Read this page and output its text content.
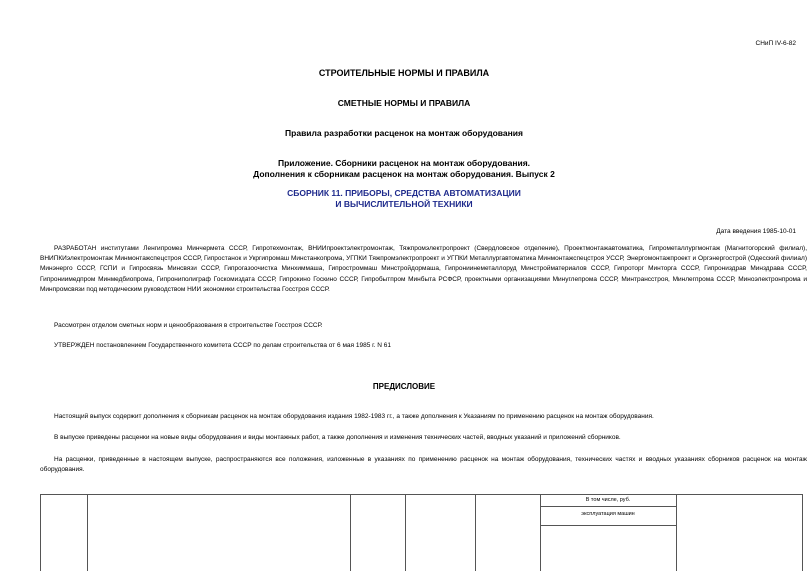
СНиП IV-6-82
СТРОИТЕЛЬНЫЕ НОРМЫ И ПРАВИЛА
СМЕТНЫЕ НОРМЫ И ПРАВИЛА
Правила разработки расценок на монтаж оборудования
Приложение. Сборники расценок на монтаж оборудования.
Дополнения к сборникам расценок на монтаж оборудования. Выпуск 2
СБОРНИК 11. ПРИБОРЫ, СРЕДСТВА АВТОМАТИЗАЦИИ
И ВЫЧИСЛИТЕЛЬНОЙ ТЕХНИКИ
Дата введения 1985-10-01
РАЗРАБОТАН институтами Ленгипромез Минчермета СССР, Гипротехмонтаж, ВНИИпроектэлектромонтаж, Тяжпромэлектропроект (Свердловское отделение), Проектмонтажавтоматика, Гипрометаллургмонтаж (Магнитогорский филиал), ВНИПКИэлектромонтаж Минмонтажспецстроя СССР, Гипростанок и Укргипромаш Минстанкопрома, УГПКИ Тяжпромэлектропроект и УГПКИ Металлургавтоматика Минмонтажспецстроя УССР, Энергомонтажпроект и Оргэнергострой (Одесский филиал) Минэнерго СССР, ГСПИ и Гипросвязь Минсвязи СССР, Гипрогазоочистка Минхиммаша, Гипростроммаш Минстройдормаша, Гипрониинеметаллоруд Минстройматериалов СССР, Гипроторг Минторга СССР, Гипрониздрав Минздрава СССР, Гипрониимедпром Минмедбиопрома, Гипрониполиграф Госкомиздата СССР, Гипрокино Госкино СССР, Гипробытпром Минбыта РСФСР, проектными организациями Минуглепрома СССР, Минтрансстроя, Минлегпрома СССР, Миноэлектронпрома и Минпромсвязи под методическим руководством НИИ экономики строительства Госстроя СССР.
Рассмотрен отделом сметных норм и ценообразования в строительстве Госстроя СССР.
УТВЕРЖДЕН постановлением Государственного комитета СССР по делам строительства от 6 мая 1985 г. N 61
ПРЕДИСЛОВИЕ
Настоящий выпуск содержит дополнения к сборникам расценок на монтаж оборудования издания 1982-1983 гг., а также дополнения к Указаниям по применению расценок на монтаж оборудования.
В выпуске приведены расценки на новые виды оборудования и виды монтажных работ, а также дополнения и изменения технических частей, вводных указаний и приложений сборников.
На расценки, приведенные в настоящем выпуске, распространяются все положения, изложенные в указаниях по применению расценок на монтаж оборудования, технических частях и вводных указаниях сборников расценок на монтаж оборудования.
В том числе, руб.
эксплуатация машин
